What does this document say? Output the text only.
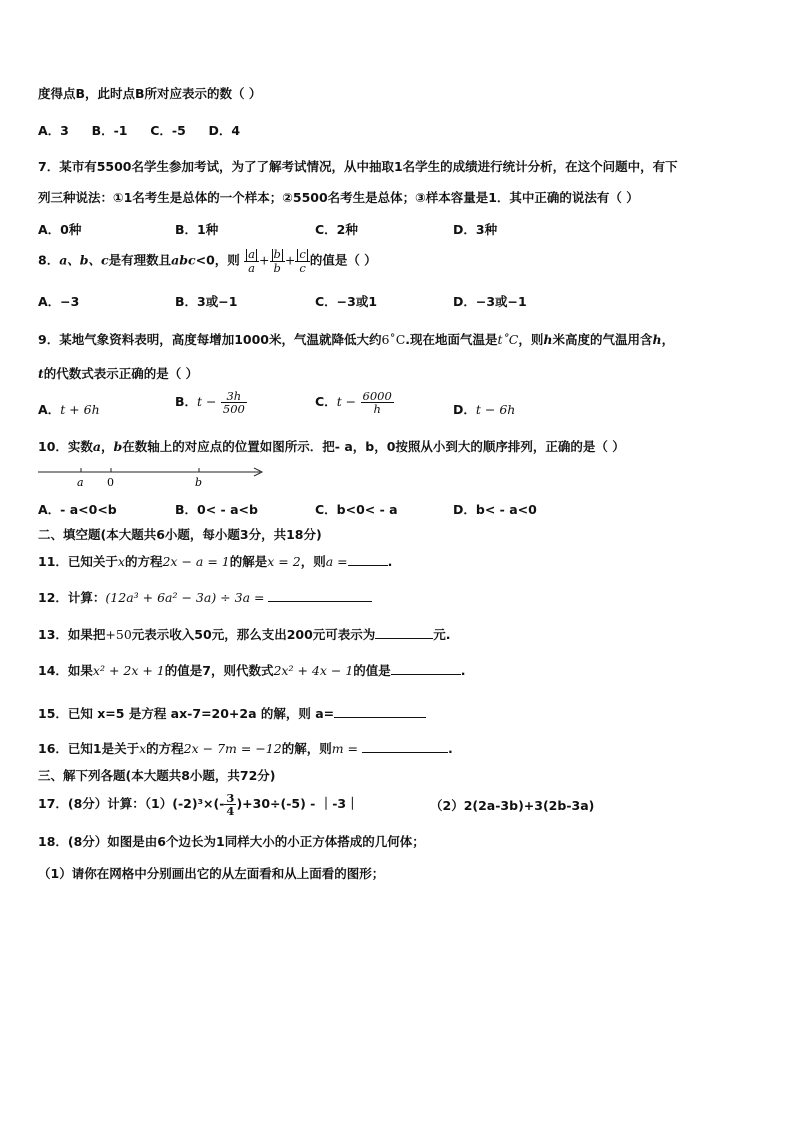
度得点B，此时点B所对应表示的数（ ）
A．3 B．-1 C．-5 D．4
7．某市有5500名学生参加考试，为了了解考试情况，从中抽取1名学生的成绩进行统计分析，在这个问题中，有下
列三种说法：①1名考生是总体的一个样本；②5500名考生是总体；③样本容量是1．其中正确的说法有（ ）
A．0种	B．1种	C．2种	D．3种
8．a、b、c是有理数且abc<0，则 $\frac{a}{a} + \frac{b}{b} + \frac{c}{c}$ 的值是（ ）
A．−3	B．3或−1	C．−3或1	D．−3或−1
9．某地气象资料表明，高度每增加1000米，气温就降低大约6˚C.现在地面气温是t˚C，则h米高度的气温用含h，
t的代数式表示正确的是（ ）
A．t + 6h
B．$t - \frac{3h}{500}$	C．$t - \frac{6000}{h}$	D．t − 6h
10．实数a，b在数轴上的对应点的位置如图所示．把- a，b，0按照从小到大的顺序排列，正确的是（ ）
a 0	b
A．- a<0<b	B．0< - a<b	C．b<0< - a	D．b< - a<0
二、填空题(本大题共6小题，每小题3分，共18分)
11．已知关于x的方程2x − a = 1的解是x = 2，则a =	.
12．计算：(12a³ + 6a² − 3a) ÷ 3a =
13．如果把+50元表示收入50元，那么支出200元可表示为	元.
14．如果x² + 2x + 1的值是7，则代数式2x² + 4x − 1的值是	.
15．已知 x=5 是方程 ax-7=20+2a 的解，则 a=
16．已知1是关于x的方程2x − 7m = −12的解，则m =	.
三、解下列各题(本大题共8小题，共72分)
17．(8分）计算：$(1)(-2)^3\times(- \frac{3}{4} )+30\div(-5)$ - ｜-3｜	（2）2(2a-3b)+3(2b-3a)
18．(8分）如图是由6个边长为1同样大小的小正方体搭成的几何体；
（1）请你在网格中分别画出它的从左面看和从上面看的图形；
